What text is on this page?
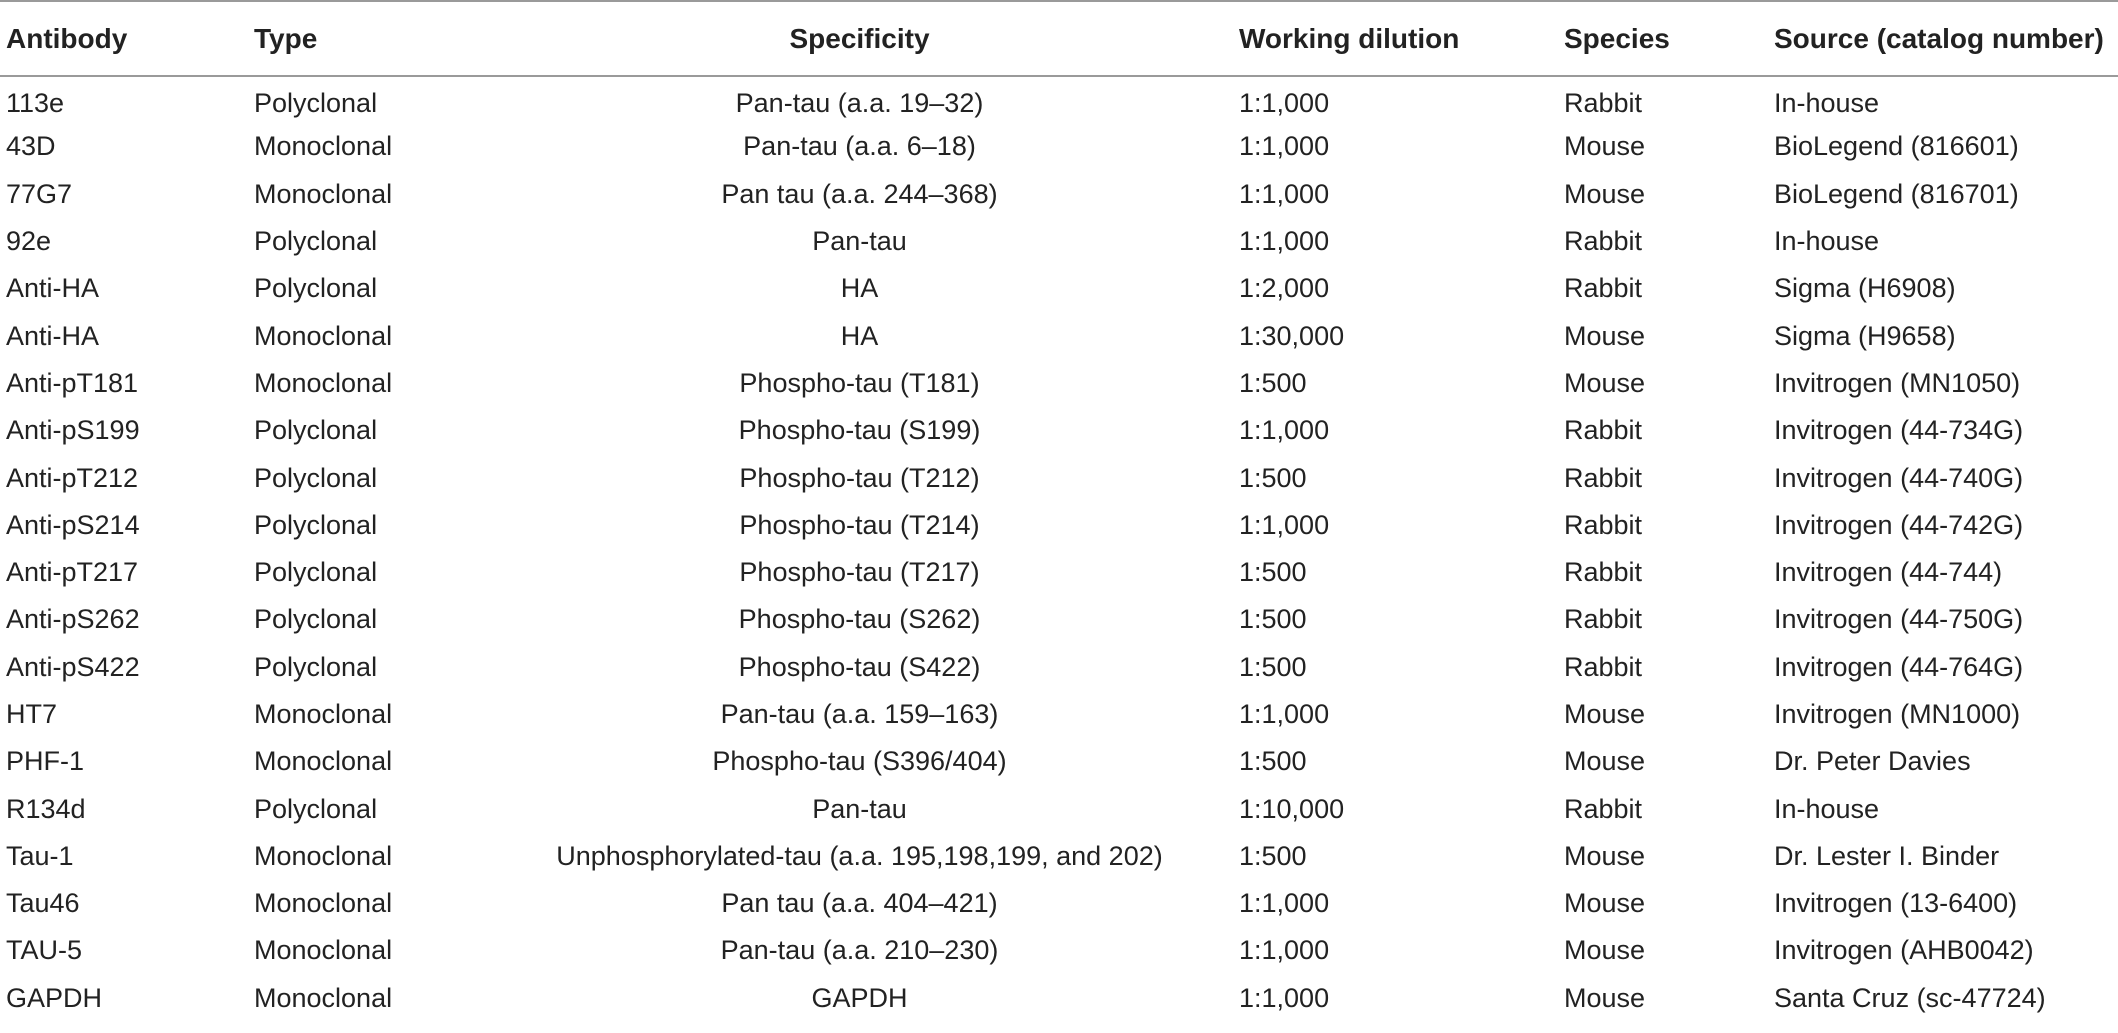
Antibody	Type	Specificity	Working dilution	Species	Source (catalog number)
113e	Polyclonal	Pan-tau (a.a. 19–32)	1:1,000	Rabbit	In-house
43D	Monoclonal	Pan-tau (a.a. 6–18)	1:1,000	Mouse	BioLegend (816601)
77G7	Monoclonal	Pan tau (a.a. 244–368)	1:1,000	Mouse	BioLegend (816701)
92e	Polyclonal	Pan-tau	1:1,000	Rabbit	In-house
Anti-HA	Polyclonal	HA	1:2,000	Rabbit	Sigma (H6908)
Anti-HA	Monoclonal	HA	1:30,000	Mouse	Sigma (H9658)
Anti-pT181	Monoclonal	Phospho-tau (T181)	1:500	Mouse	Invitrogen (MN1050)
Anti-pS199	Polyclonal	Phospho-tau (S199)	1:1,000	Rabbit	Invitrogen (44-734G)
Anti-pT212	Polyclonal	Phospho-tau (T212)	1:500	Rabbit	Invitrogen (44-740G)
Anti-pS214	Polyclonal	Phospho-tau (T214)	1:1,000	Rabbit	Invitrogen (44-742G)
Anti-pT217	Polyclonal	Phospho-tau (T217)	1:500	Rabbit	Invitrogen (44-744)
Anti-pS262	Polyclonal	Phospho-tau (S262)	1:500	Rabbit	Invitrogen (44-750G)
Anti-pS422	Polyclonal	Phospho-tau (S422)	1:500	Rabbit	Invitrogen (44-764G)
HT7	Monoclonal	Pan-tau (a.a. 159–163)	1:1,000	Mouse	Invitrogen (MN1000)
PHF-1	Monoclonal	Phospho-tau (S396/404)	1:500	Mouse	Dr. Peter Davies
R134d	Polyclonal	Pan-tau	1:10,000	Rabbit	In-house
Tau-1	Monoclonal	Unphosphorylated-tau (a.a. 195,198,199, and 202)	1:500	Mouse	Dr. Lester I. Binder
Tau46	Monoclonal	Pan tau (a.a. 404–421)	1:1,000	Mouse	Invitrogen (13-6400)
TAU-5	Monoclonal	Pan-tau (a.a. 210–230)	1:1,000	Mouse	Invitrogen (AHB0042)
GAPDH	Monoclonal	GAPDH	1:1,000	Mouse	Santa Cruz (sc-47724)
